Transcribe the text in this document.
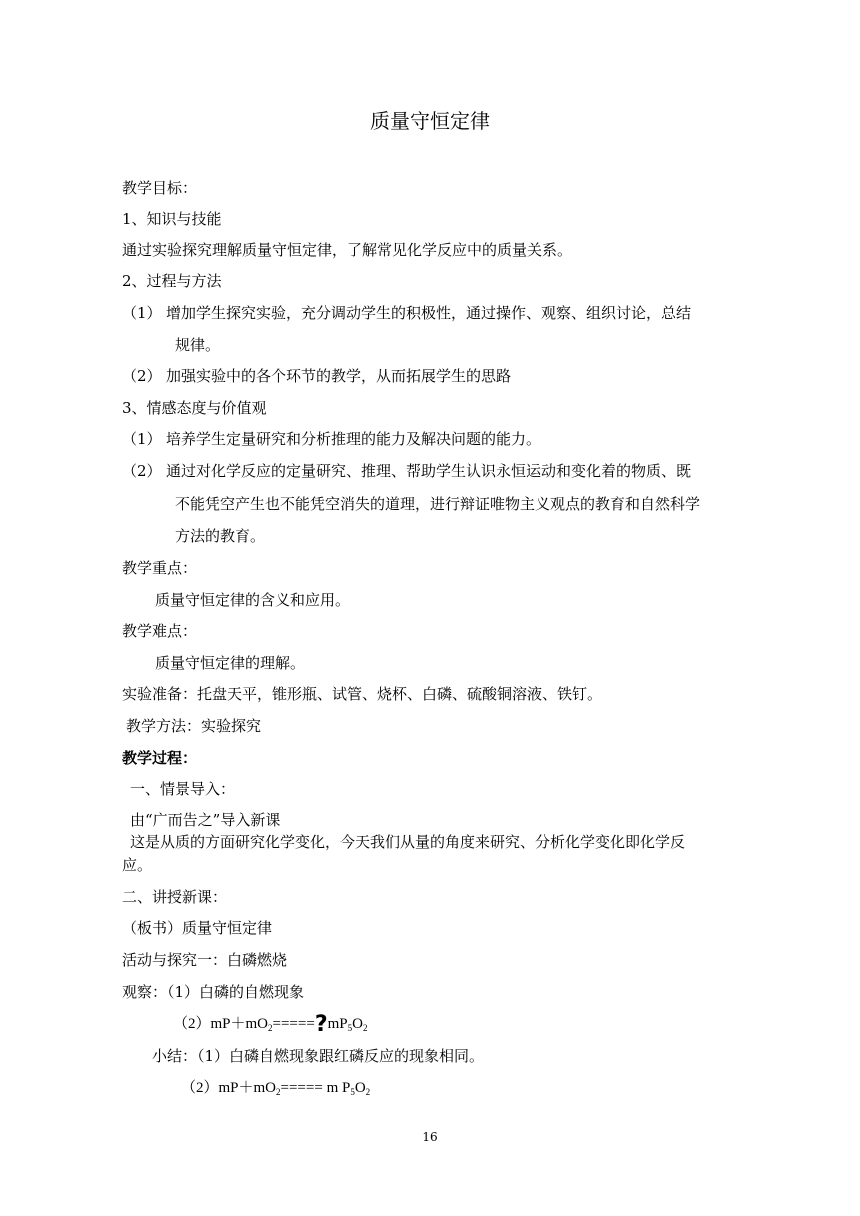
质量守恒定律
教学目标：
1、知识与技能
通过实验探究理解质量守恒定律，了解常见化学反应中的质量关系。
2、过程与方法
（1） 增加学生探究实验，充分调动学生的积极性，通过操作、观察、组织讨论，总结
规律。
（2） 加强实验中的各个环节的教学，从而拓展学生的思路
3、情感态度与价值观
（1） 培养学生定量研究和分析推理的能力及解决问题的能力。
（2） 通过对化学反应的定量研究、推理、帮助学生认识永恒运动和变化着的物质、既
不能凭空产生也不能凭空消失的道理，进行辩证唯物主义观点的教育和自然科学
方法的教育。
教学重点：
质量守恒定律的含义和应用。
教学难点：
质量守恒定律的理解。
实验准备：托盘天平，锥形瓶、试管、烧杯、白磷、硫酸铜溶液、铁钉。
教学方法：实验探究
教学过程：
一、情景导入：
由“广而告之”导入新课
这是从质的方面研究化学变化，今天我们从量的角度来研究、分析化学变化即化学反
应。
二、讲授新课：
（板书）质量守恒定律
活动与探究一：白磷燃烧
观察：（1）白磷的自燃现象
$(2)mP+mO_2=====?mP_5O_2$
小结：（1）白磷自燃现象跟红磷反应的现象相同。
$(2)mP+mO_2===== m$ $P_5O_2$
16
